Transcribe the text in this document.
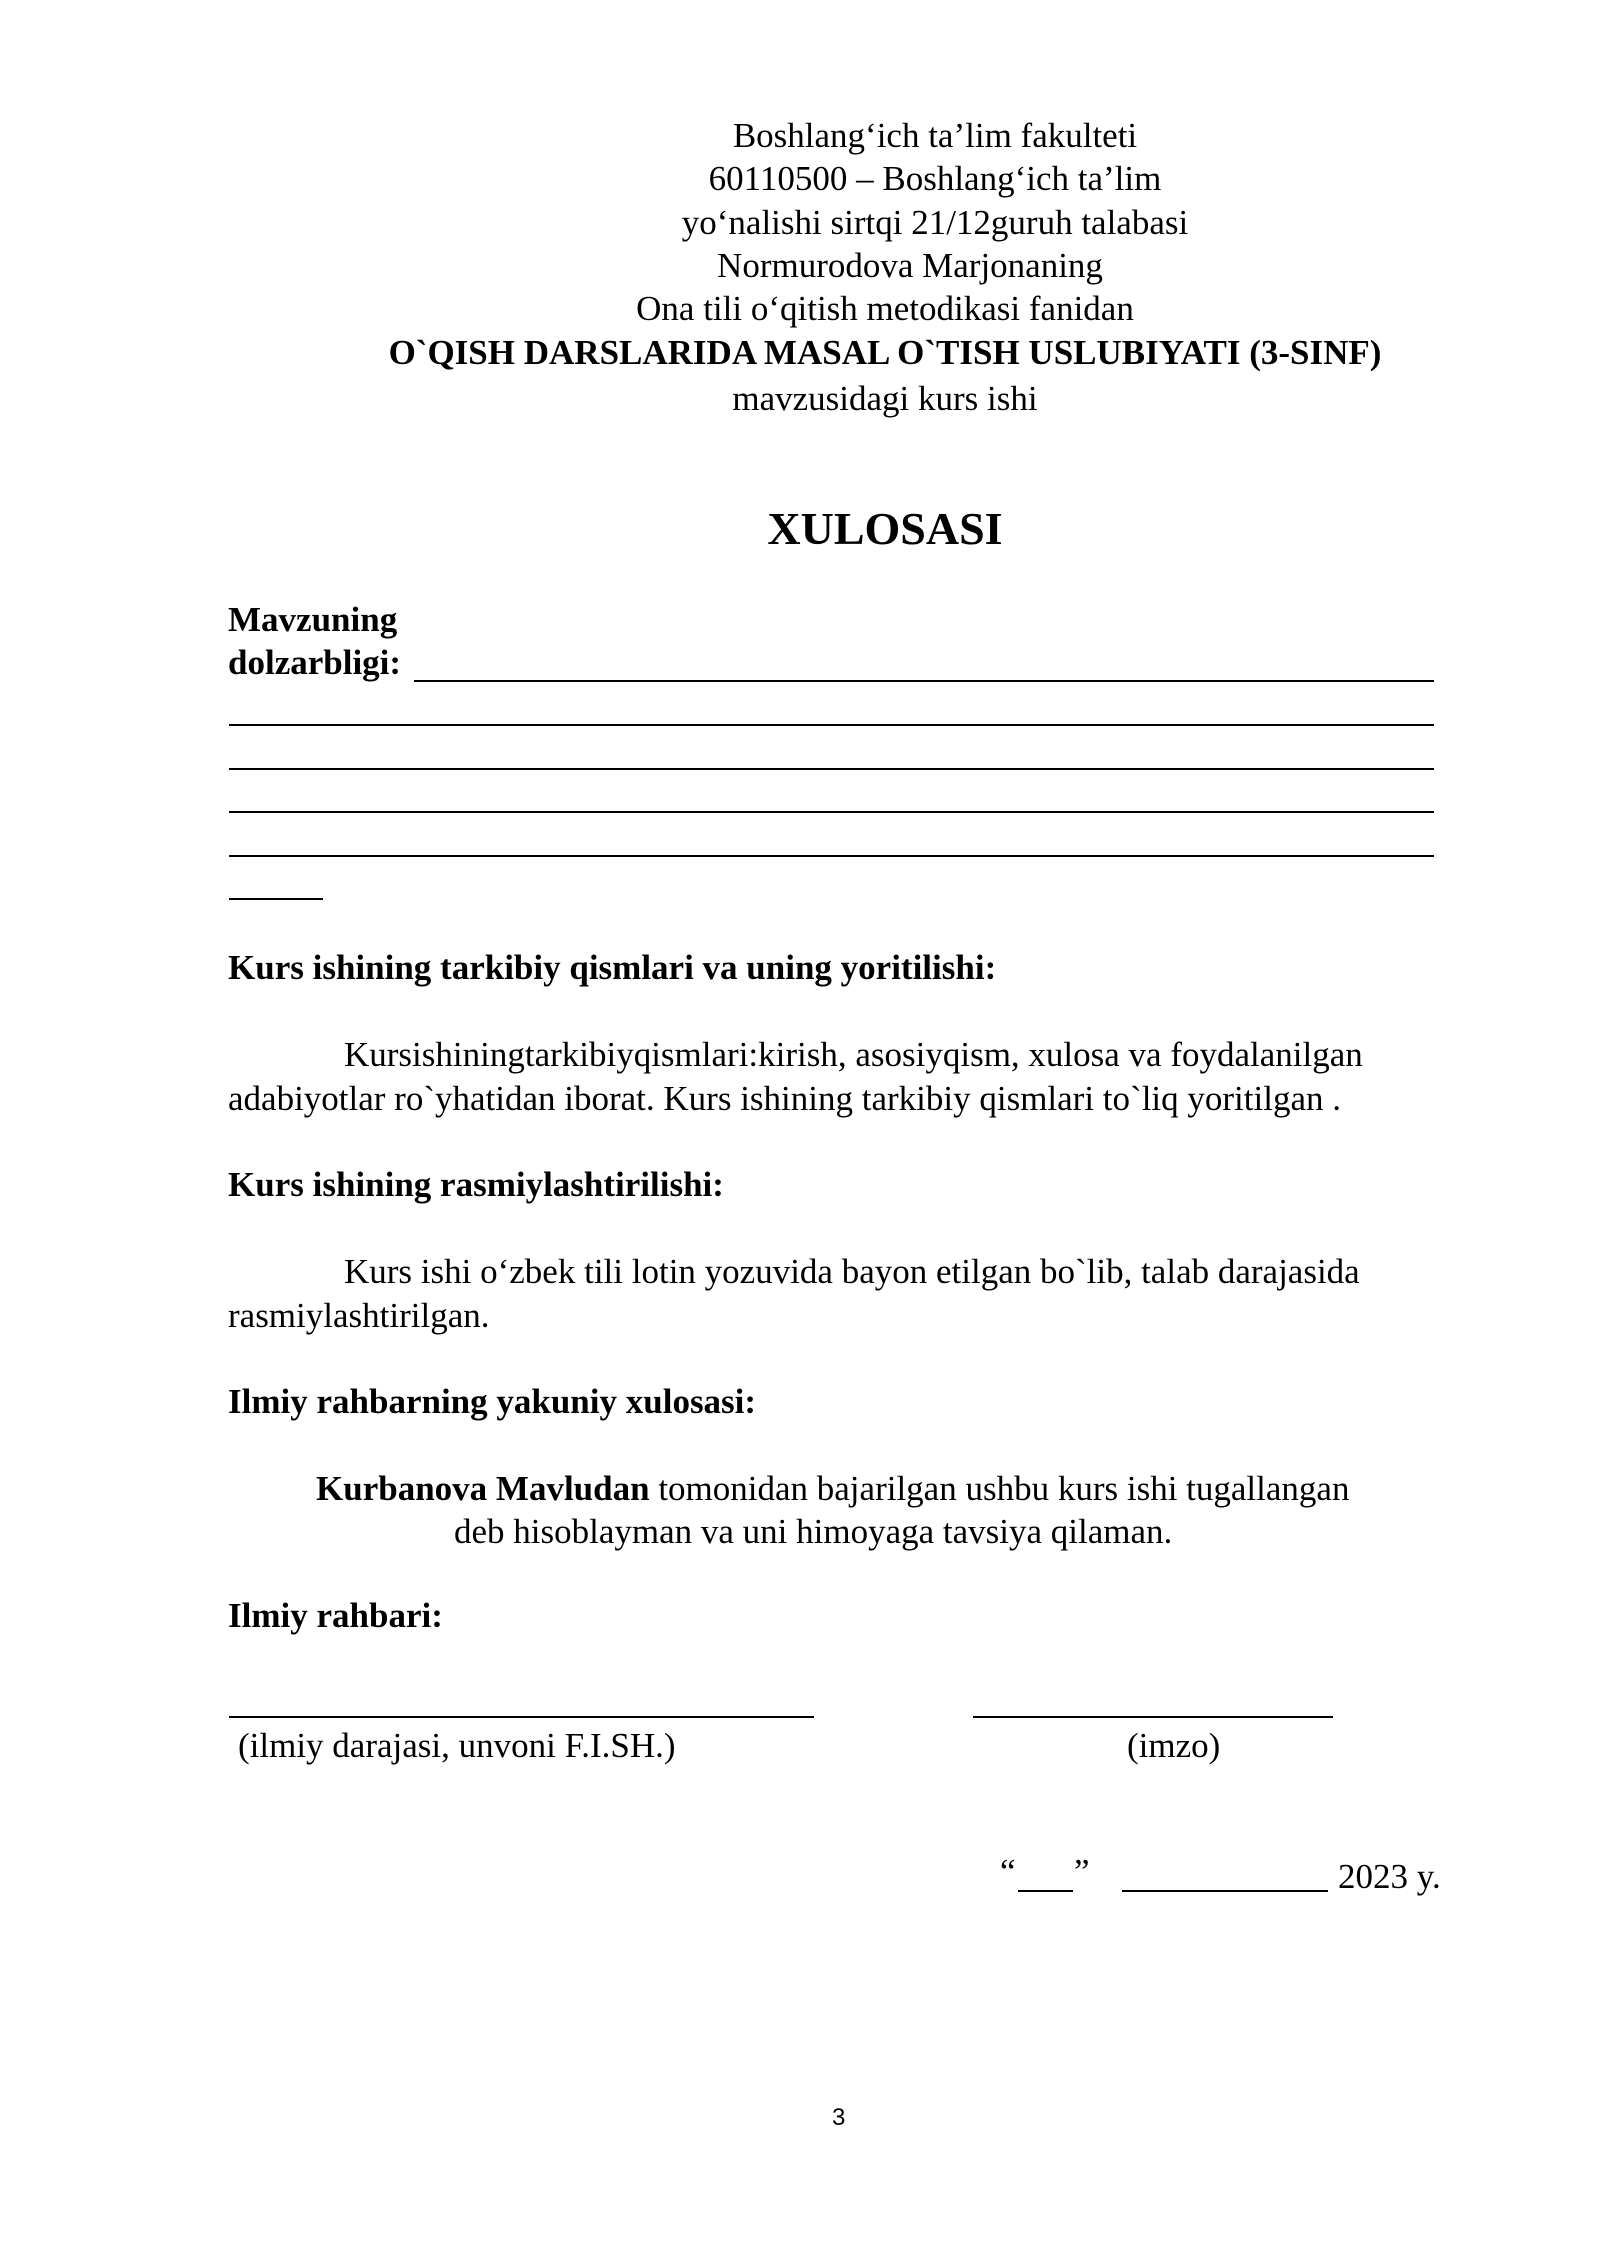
Boshlang‘ich ta’lim fakulteti
60110500 – Boshlang‘ich ta’lim
yo‘nalishi sirtqi 21/12guruh talabasi
Normurodova Marjonaning
Ona tili o‘qitish metodikasi fanidan
O`QISH DARSLARIDA MASAL O`TISH USLUBIYATI (3-SINF)
mavzusidagi kurs ishi
XULOSASI
Mavzuning
dolzarbligi:
Kurs ishining tarkibiy qismlari va uning yoritilishi:
Kursishiningtarkibiyqismlari:kirish, asosiyqism, xulosa va foydalanilgan
adabiyotlar ro`yhatidan iborat. Kurs ishining tarkibiy qismlari to`liq yoritilgan .
Kurs ishining rasmiylashtirilishi:
Kurs ishi o‘zbek tili lotin yozuvida bayon etilgan bo`lib, talab darajasida
rasmiylashtirilgan.
Ilmiy rahbarning yakuniy xulosasi:
Kurbanova Mavludan tomonidan bajarilgan ushbu kurs ishi tugallangan
deb hisoblayman va uni himoyaga tavsiya qilaman.
Ilmiy rahbari:
(ilmiy darajasi, unvoni F.I.SH.)	(imzo)
“ ”	2023 y.
3
